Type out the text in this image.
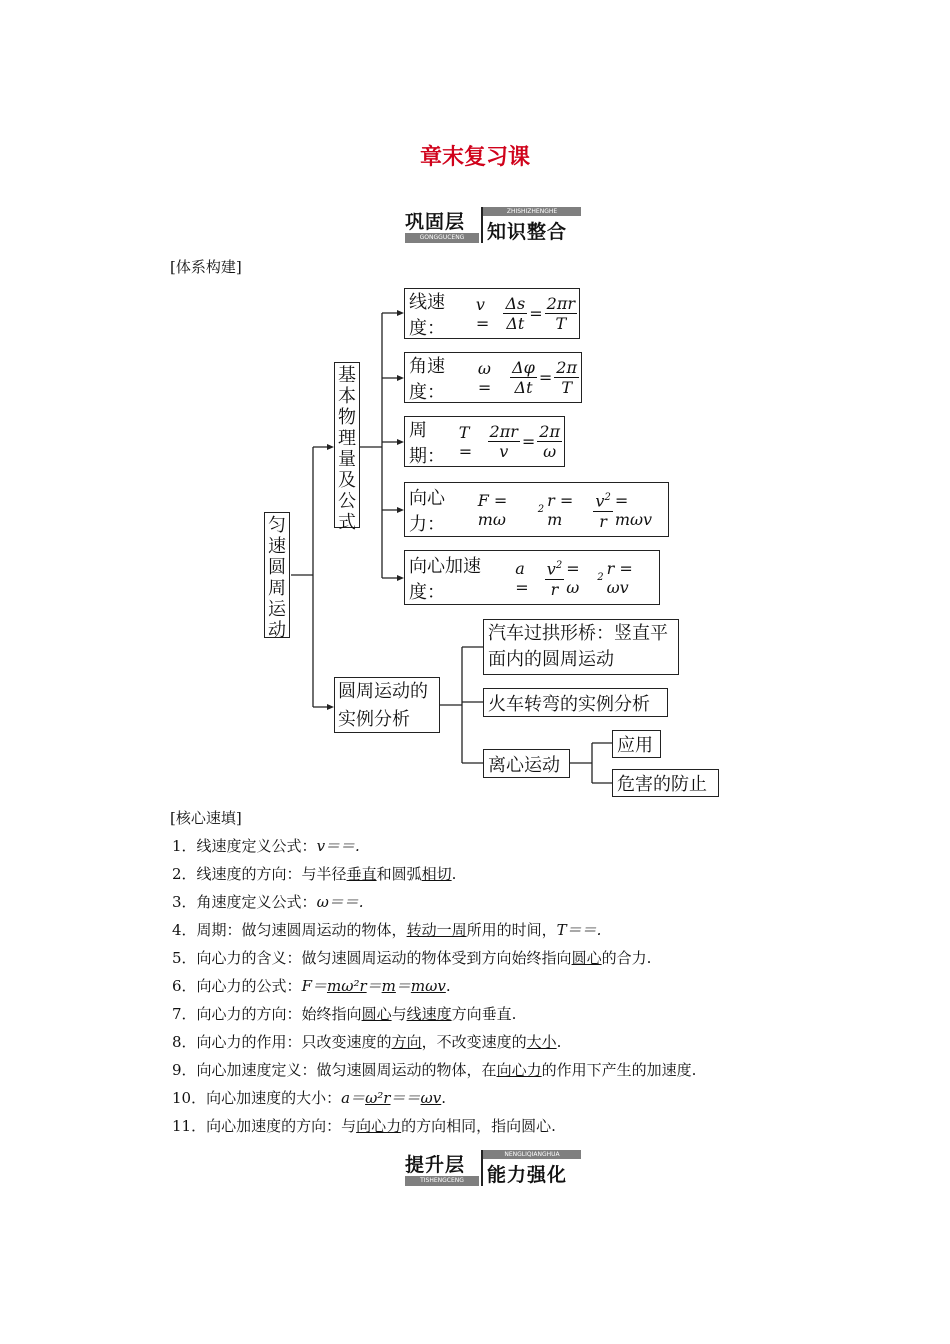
章末复习课
巩固层
GONGGUCENG
ZHISHIZHENGHE
知识整合
[体系构建]
匀速圆周运动
基本物理量及公式
线速度：
$v = \frac{\Delta s}{\Delta t} = \frac{2\pi r}{T}$
角速度：
ω =	$\frac{\Delta\varphi}{\Delta t} = \frac{2\pi}{T}$
周期：
$T = \frac{2\pi r}{v} = \frac{2\pi}{\omega}$
向心力：
F = mω	2 r = m	$\frac{v^2}{r} = m\omega v$
向心加速度：
a =	$\frac{v^2}{r} = \omega$	2 r = ωv
圆周运动的实例分析
汽车过拱形桥：竖直平
面内的圆周运动
火车转弯的实例分析
离心运动
应用
危害的防止
[核心速填]
1．线速度定义公式：v＝＝.
2．线速度的方向：与半径垂直和圆弧相切.
3．角速度定义公式：ω＝＝.
4．周期：做匀速圆周运动的物体，转动一周所用的时间，T＝＝.
5．向心力的含义：做匀速圆周运动的物体受到方向始终指向圆心的合力.
6．向心力的公式：F＝mω²r＝m＝mωv.
7．向心力的方向：始终指向圆心与线速度方向垂直.
8．向心力的作用：只改变速度的方向，不改变速度的大小.
9．向心加速度定义：做匀速圆周运动的物体，在向心力的作用下产生的加速度.
10．向心加速度的大小：a＝ω²r＝＝ωv.
11．向心加速度的方向：与向心力的方向相同，指向圆心.
提升层
TISHENGCENG
NENGLIQIANGHUA
能力强化
